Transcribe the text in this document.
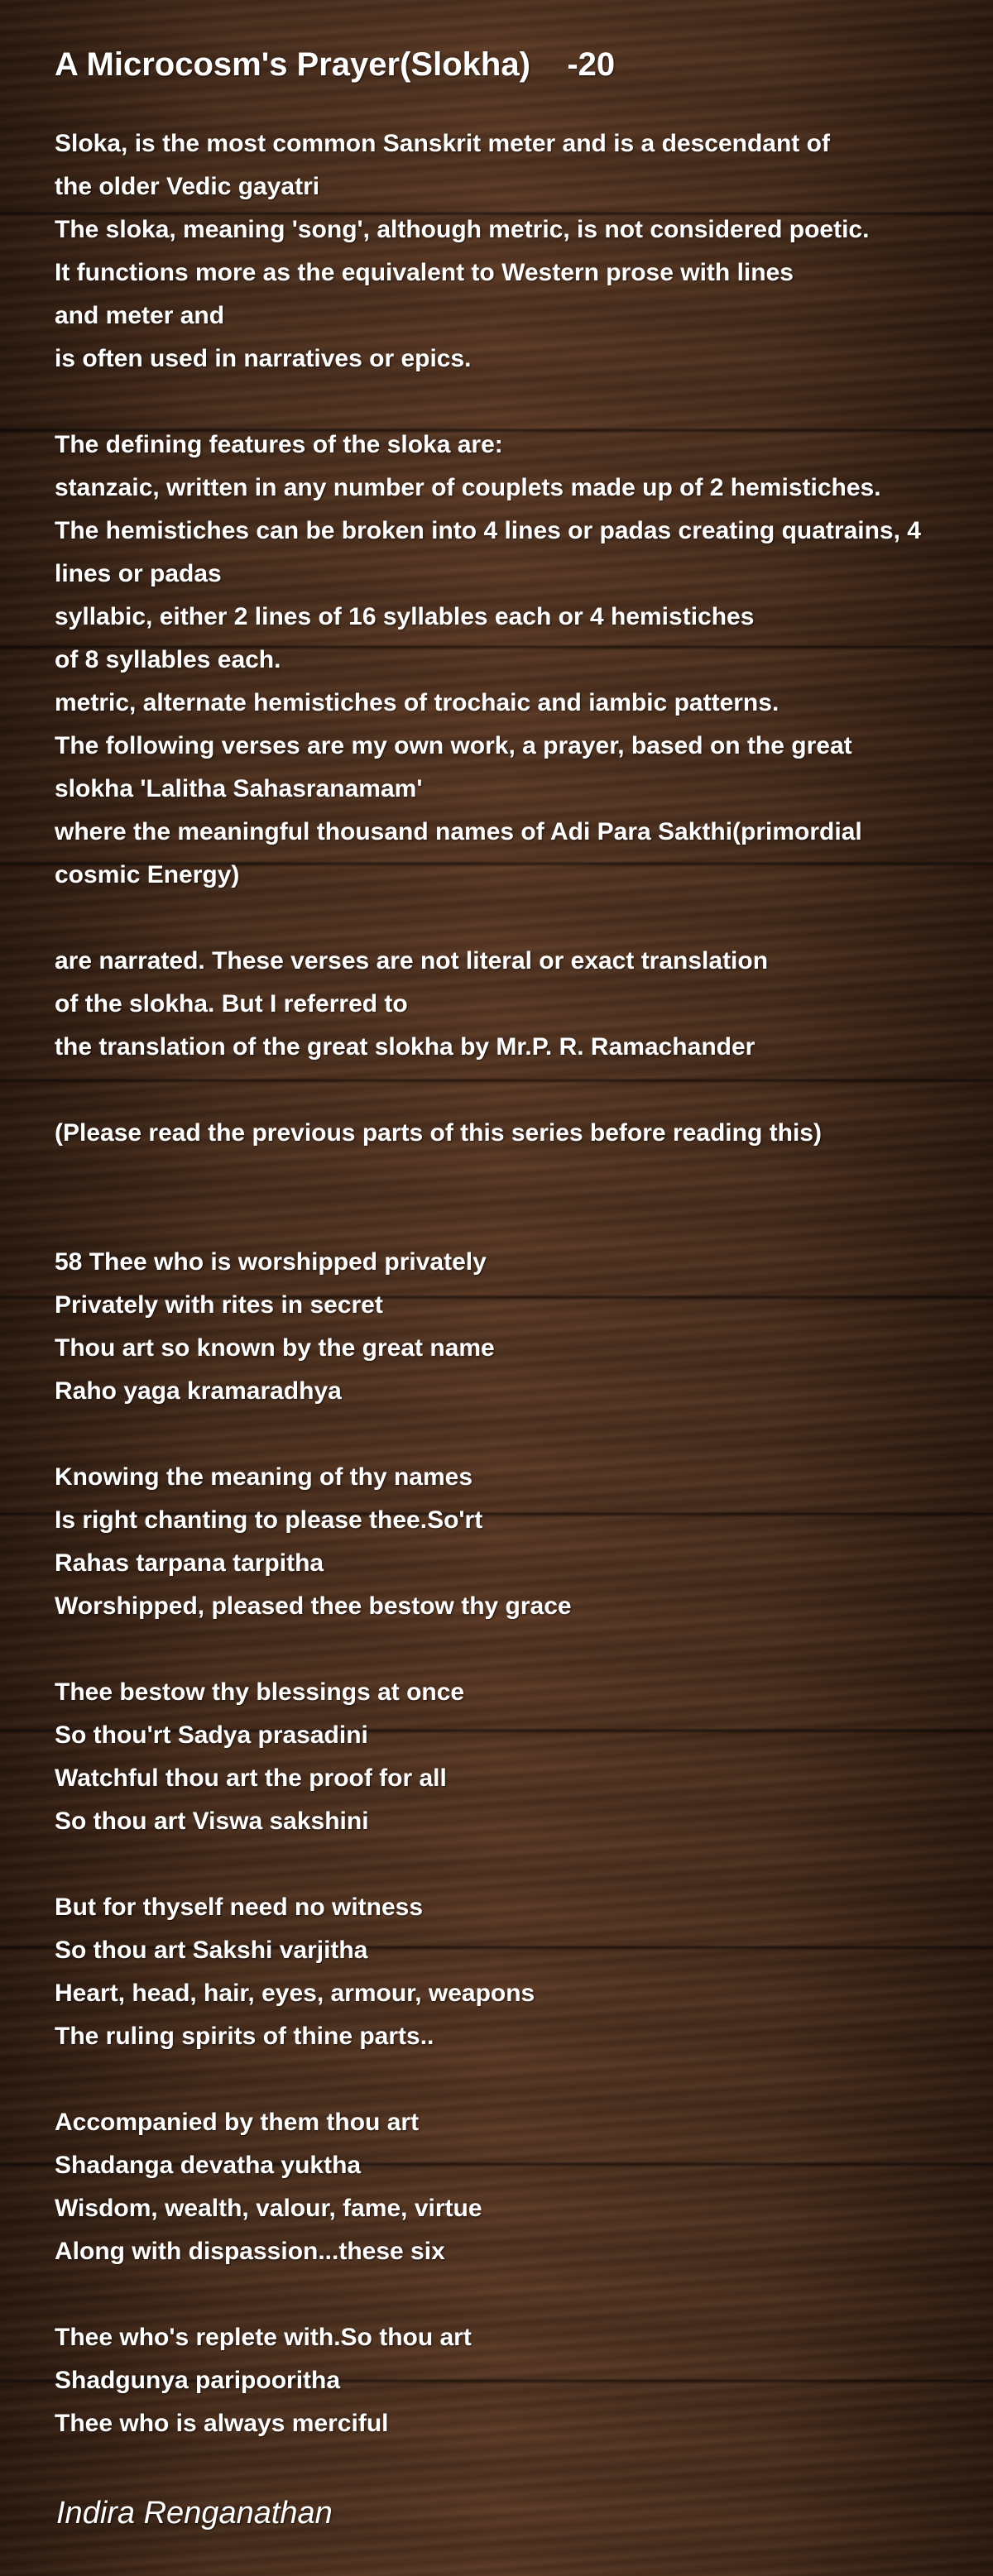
A Microcosm's Prayer(Slokha)    -20
Sloka, is the most common Sanskrit meter and is a descendant of
the older Vedic gayatri
The sloka, meaning 'song', although metric, is not considered poetic.
It functions more as the equivalent to Western prose with lines
and meter and
is often used in narratives or epics.

The defining features of the sloka are:
stanzaic, written in any number of couplets made up of 2 hemistiches.
The hemistiches can be broken into 4 lines or padas creating quatrains, 4
lines or padas
syllabic, either 2 lines of 16 syllables each or 4 hemistiches
of 8 syllables each.
metric, alternate hemistiches of trochaic and iambic patterns.
The following verses are my own work, a prayer, based on the great
slokha 'Lalitha Sahasranamam'
where the meaningful thousand names of Adi Para Sakthi(primordial
cosmic Energy)

are narrated. These verses are not literal or exact translation
of the slokha. But I referred to
the translation of the great slokha by Mr.P. R. Ramachander

(Please read the previous parts of this series before reading this)

58 Thee who is worshipped privately
Privately with rites in secret
Thou art so known by the great name
Raho yaga kramaradhya

Knowing the meaning of thy names
Is right chanting to please thee.So'rt
Rahas tarpana tarpitha
Worshipped, pleased thee bestow thy grace

Thee bestow thy blessings at once
So thou'rt Sadya prasadini
Watchful thou art the proof for all
So thou art Viswa sakshini

But for thyself need no witness
So thou art Sakshi varjitha
Heart, head, hair, eyes, armour, weapons
The ruling spirits of thine parts..

Accompanied by them thou art
Shadanga devatha yuktha
Wisdom, wealth, valour, fame, virtue
Along with dispassion...these six

Thee who's replete with.So thou art
Shadgunya paripooritha
Thee who is always merciful
Indira Renganathan
